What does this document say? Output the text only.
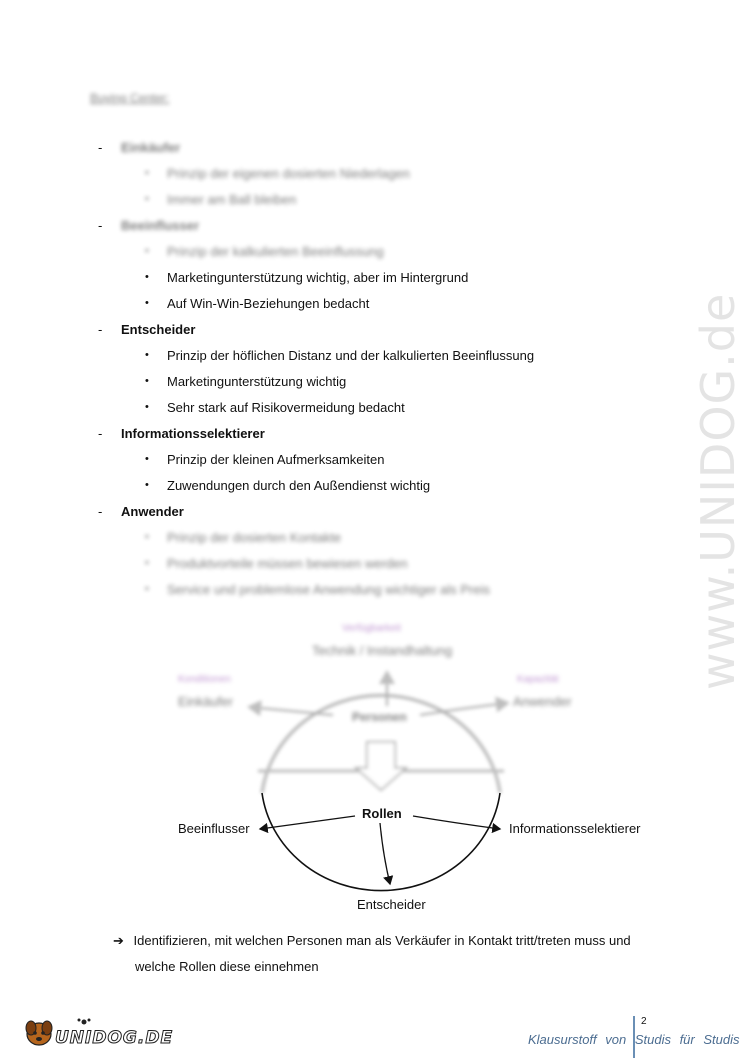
www.UNIDOG.de
Buying Center:
- Einkäufer
• Prinzip der eigenen dosierten Niederlagen
• Immer am Ball bleiben
- Beeinflusser
• Prinzip der kalkulierten Beeinflussung
• Marketingunterstützung wichtig, aber im Hintergrund
• Auf Win-Win-Beziehungen bedacht
- Entscheider
• Prinzip der höflichen Distanz und der kalkulierten Beeinflussung
• Marketingunterstützung wichtig
• Sehr stark auf Risikovermeidung bedacht
- Informationsselektierer
• Prinzip der kleinen Aufmerksamkeiten
• Zuwendungen durch den Außendienst wichtig
- Anwender
• Prinzip der dosierten Kontakte
• Produktvorteile müssen bewiesen werden
• Service und problemlose Anwendung wichtiger als Preis
Verfügbarkeit
Technik / Instandhaltung
Konditionen
Einkäufer
Kapazität
Anwender
Personen
Rollen
Beeinflusser	Informationsselektierer
Entscheider
➔ Identifizieren, mit welchen Personen man als Verkäufer in Kontakt tritt/treten muss und
welche Rollen diese einnehmen
UNIDOG.DE
2
Klausurstoff von Studis für Studis
